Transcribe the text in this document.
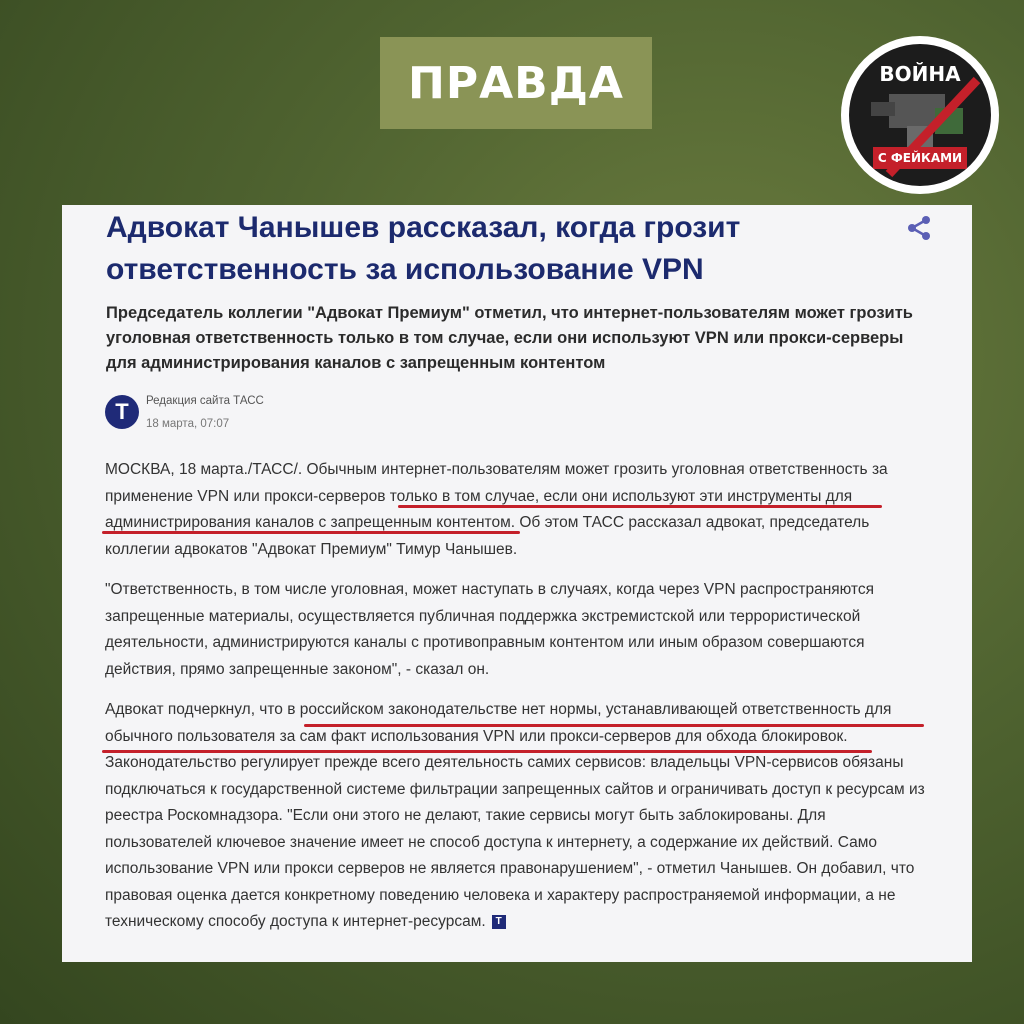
ПРАВДА	ВОЙНА
С ФЕЙКАМИ
Адвокат Чанышев рассказал, когда грозит ответственность за использование VPN

Председатель коллегии "Адвокат Премиум" отметил, что интернет-пользователям может грозить уголовная ответственность только в том случае, если они используют VPN или прокси-серверы для администрирования каналов с запрещенным контентом

T	Редакция сайта ТАСС
18 марта, 07:07

МОСКВА, 18 марта./ТАСС/. Обычным интернет-пользователям может грозить уголовная ответственность за применение VPN или прокси-серверов только в том случае, если они используют эти инструменты для администрирования каналов с запрещенным контентом. Об этом ТАСС рассказал адвокат, председатель коллегии адвокатов "Адвокат Премиум" Тимур Чанышев.

"Ответственность, в том числе уголовная, может наступать в случаях, когда через VPN распространяются запрещенные материалы, осуществляется публичная поддержка экстремистской или террористической деятельности, администрируются каналы с противоправным контентом или иным образом совершаются действия, прямо запрещенные законом", - сказал он.

Адвокат подчеркнул, что в российском законодательстве нет нормы, устанавливающей ответственность для обычного пользователя за сам факт использования VPN или прокси-серверов для обхода блокировок. Законодательство регулирует прежде всего деятельность самих сервисов: владельцы VPN-сервисов обязаны подключаться к государственной системе фильтрации запрещенных сайтов и ограничивать доступ к ресурсам из реестра Роскомнадзора. "Если они этого не делают, такие сервисы могут быть заблокированы. Для пользователей ключевое значение имеет не способ доступа к интернету, а содержание их действий. Само использование VPN или прокси серверов не является правонарушением", - отметил Чанышев. Он добавил, что правовая оценка дается конкретному поведению человека и характеру распространяемой информации, а не техническому способу доступа к интернет-ресурсам. T
